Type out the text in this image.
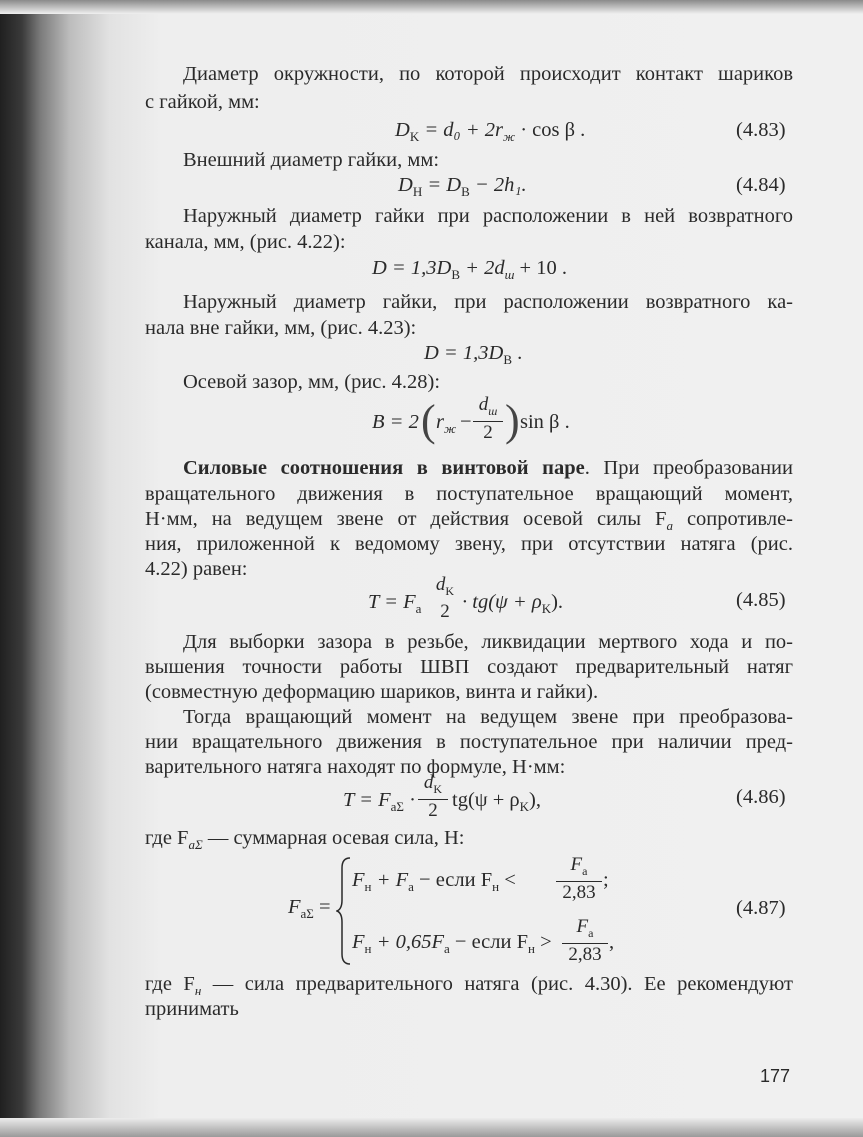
Диаметр окружности, по которой происходит контакт шариков
с гайкой, мм:
$D_K = d_0 + 2r_ж \cdot \cos \beta$ .	(4.83)
Внешний диаметр гайки, мм:
$D_H = D_B - 2h_1$.	(4.84)
Наружный диаметр гайки при расположении в ней возвратного
канала, мм, (рис. 4.22):
$D = 1,3D_B + 2d_ш + 10$ .
Наружный диаметр гайки, при расположении возвратного ка-
нала вне гайки, мм, (рис. 4.23):
$D = 1,3D_B$ .
Осевой зазор, мм, (рис. 4.28):
B = 2 ( $r_ж$ −
$d_ш$
2 ) sin β .
Силовые соотношения в винтовой паре. При преобразовании
вращательного движения в поступательное вращающий момент,
Н·мм, на ведущем звене от действия осевой силы $F_a$ сопротивле-
ния, приложенной к ведомому звену, при отсутствии натяга (рис.
4.22) равен:
$T = F_a$
$d_K$
$2 \cdot tg(\psi + \rho_K)$.	(4.85)
Для выборки зазора в резьбе, ликвидации мертвого хода и по-
вышения точности работы ШВП создают предварительный натяг
(совместную деформацию шариков, винта и гайки).
Тогда вращающий момент на ведущем звене при преобразова-
нии вращательного движения в поступательное при наличии пред-
варительного натяга находят по формуле, Н·мм:
$T = F_{a\Sigma} \cdot \frac{d_K}{2} tg(\psi + \rho_K)$,	(4.86)
где $F_{a\Sigma}$ — суммарная осевая сила, Н:
$F_{a\Sigma}$ =
$F_н + F_a$ − если $F_н < \frac{F_a}{2,83}$ ;
$F_н + 0,65F_a$ − если $F_н > \frac{F_a}{2,83}$ ,
(4.87)
где $F_н$ — сила предварительного натяга (рис. 4.30). Ее рекомендуют
принимать
177
